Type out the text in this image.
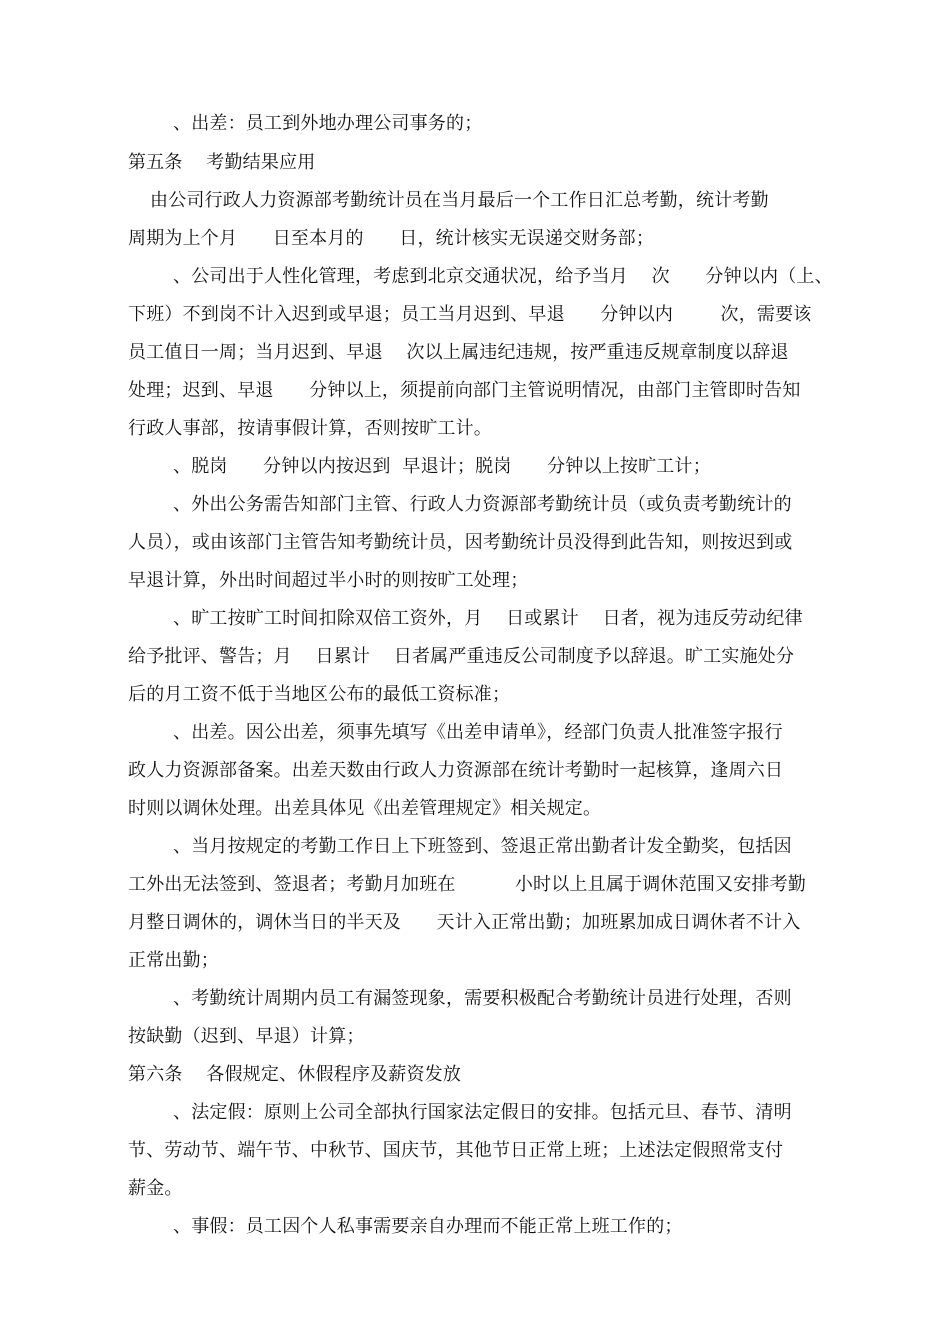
、出差：员工到外地办理公司事务的；
第五条    考勤结果应用
由公司行政人力资源部考勤统计员在当月最后一个工作日汇总考勤，统计考勤
周期为上个月      日至本月的      日，统计核实无误递交财务部；
、公司出于人性化管理，考虑到北京交通状况，给予当月    次      分钟以内（上、
下班）不到岗不计入迟到或早退；员工当月迟到、早退      分钟以内        次，需要该
员工值日一周；当月迟到、早退    次以上属违纪违规，按严重违反规章制度以辞退
处理；迟到、早退      分钟以上，须提前向部门主管说明情况，由部门主管即时告知
行政人事部，按请事假计算，否则按旷工计。
、脱岗      分钟以内按迟到  早退计；脱岗      分钟以上按旷工计；
、外出公务需告知部门主管、行政人力资源部考勤统计员（或负责考勤统计的
人员），或由该部门主管告知考勤统计员，因考勤统计员没得到此告知，则按迟到或
早退计算，外出时间超过半小时的则按旷工处理；
、旷工按旷工时间扣除双倍工资外，月    日或累计    日者，视为违反劳动纪律
给予批评、警告；月    日累计    日者属严重违反公司制度予以辞退。旷工实施处分
后的月工资不低于当地区公布的最低工资标准；
、出差。因公出差，须事先填写《出差申请单》，经部门负责人批准签字报行
政人力资源部备案。出差天数由行政人力资源部在统计考勤时一起核算，逢周六日
时则以调休处理。出差具体见《出差管理规定》相关规定。
、当月按规定的考勤工作日上下班签到、签退正常出勤者计发全勤奖，包括因
工外出无法签到、签退者；考勤月加班在          小时以上且属于调休范围又安排考勤
月整日调休的，调休当日的半天及      天计入正常出勤；加班累加成日调休者不计入
正常出勤；
、考勤统计周期内员工有漏签现象，需要积极配合考勤统计员进行处理，否则
按缺勤（迟到、早退）计算；
第六条    各假规定、休假程序及薪资发放
、法定假：原则上公司全部执行国家法定假日的安排。包括元旦、春节、清明
节、劳动节、端午节、中秋节、国庆节，其他节日正常上班；上述法定假照常支付
薪金。
、事假：员工因个人私事需要亲自办理而不能正常上班工作的；
